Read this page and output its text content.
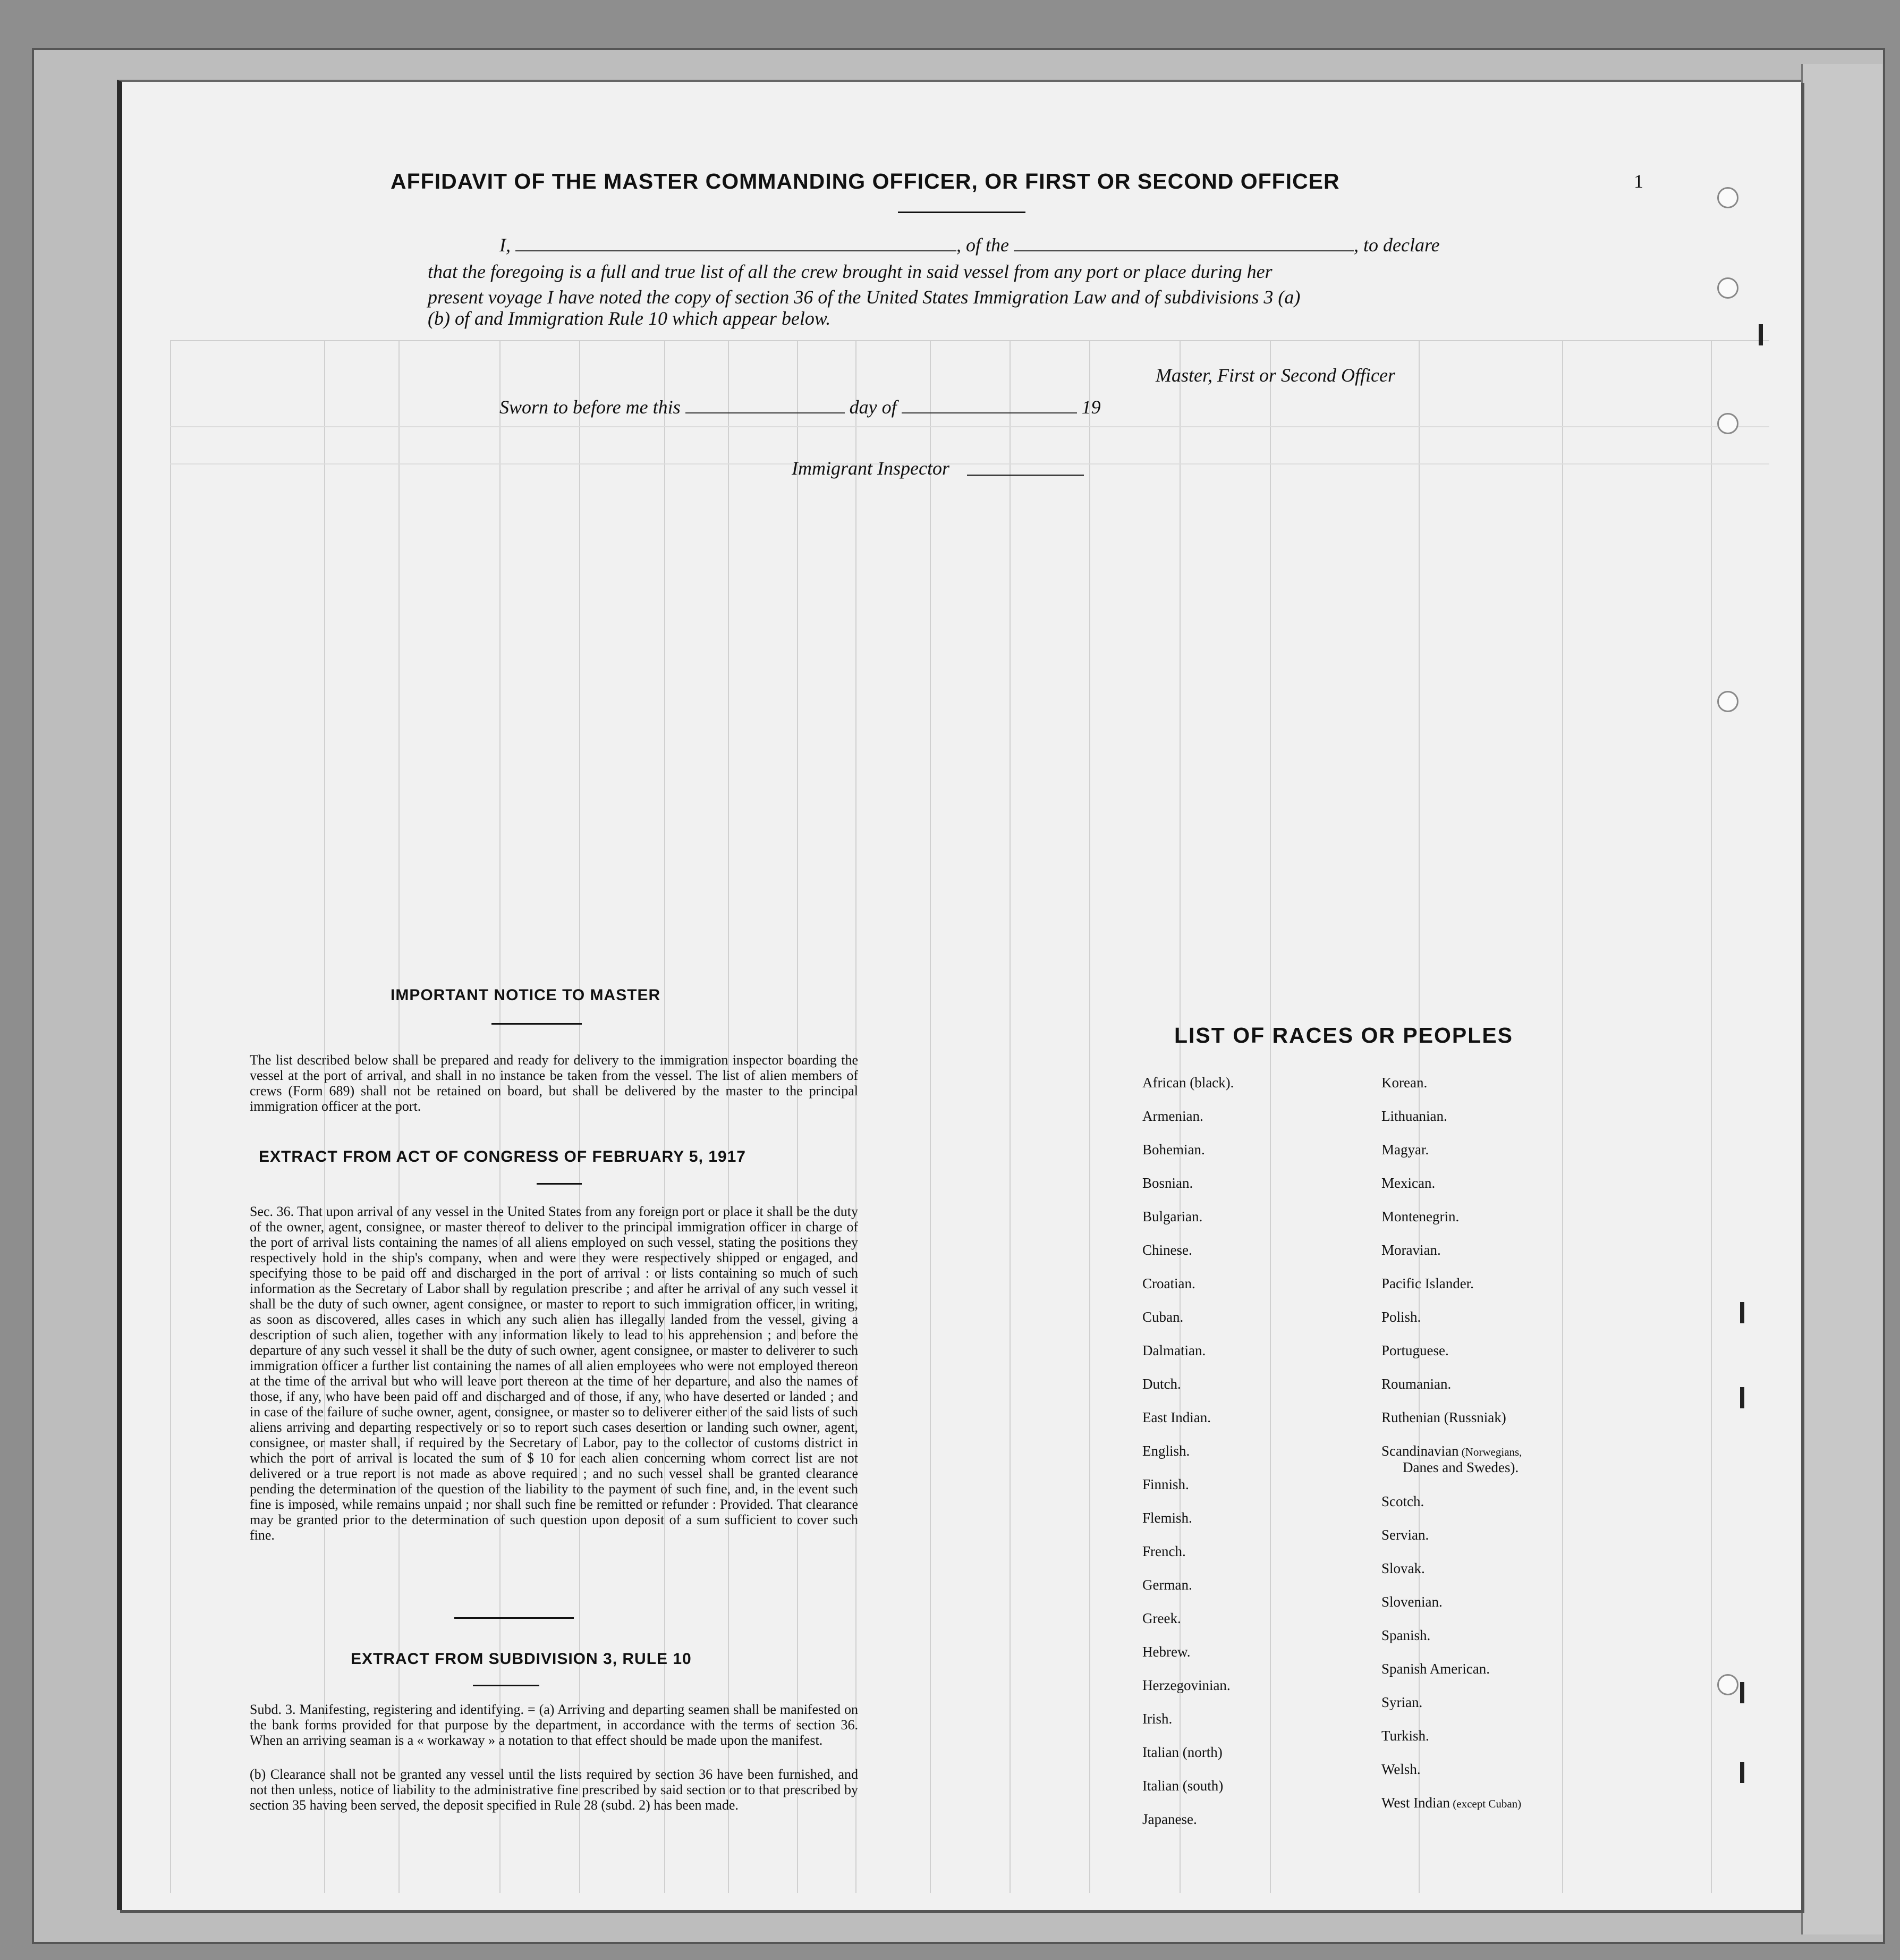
AFFIDAVIT OF THE MASTER COMMANDING OFFICER, OR FIRST OR SECOND OFFICER
I,	, of the	, to declare
that the foregoing is a full and true list of all the crew brought in said vessel from any port or place during her
present voyage I have noted the copy of section 36 of the United States Immigration Law and of subdivisions 3 (a)
(b) of and Immigration Rule 10 which appear below.
Master, First or Second Officer
Sworn to before me this	day of	19
Immigrant Inspector
IMPORTANT NOTICE TO MASTER
The list described below shall be prepared and ready for delivery to the immigration inspector boarding the vessel at the port of arrival, and shall in no instance be taken from the vessel. The list of alien members of crews (Form 689) shall not be retained on board, but shall be delivered by the master to the principal immigration officer at the port.
EXTRACT FROM ACT OF CONGRESS OF FEBRUARY 5, 1917
Sec. 36. That upon arrival of any vessel in the United States from any foreign port or place it shall be the duty of the owner, agent, consignee, or master thereof to deliver to the principal immigration officer in charge of the port of arrival lists containing the names of all aliens employed on such vessel, stating the positions they respectively hold in the ship's company, when and were they were respectively shipped or engaged, and specifying those to be paid off and discharged in the port of arrival : or lists containing so much of such information as the Secretary of Labor shall by regulation prescribe ; and after he arrival of any such vessel it shall be the duty of such owner, agent consignee, or master to report to such immigration officer, in writing, as soon as discovered, alles cases in which any such alien has illegally landed from the vessel, giving a description of such alien, together with any information likely to lead to his apprehension ; and before the departure of any such vessel it shall be the duty of such owner, agent consignee, or master to deliverer to such immigration officer a further list containing the names of all alien employees who were not employed thereon at the time of the arrival but who will leave port thereon at the time of her departure, and also the names of those, if any, who have been paid off and discharged and of those, if any, who have deserted or landed ; and in case of the failure of suche owner, agent, consignee, or master so to deliverer either of the said lists of such aliens arriving and departing respectively or so to report such cases desertion or landing such owner, agent, consignee, or master shall, if required by the Secretary of Labor, pay to the collector of customs district in which the port of arrival is located the sum of $ 10 for each alien concerning whom correct list are not delivered or a true report is not made as above required ; and no such vessel shall be granted clearance pending the determination of the question of the liability to the payment of such fine, and, in the event such fine is imposed, while remains unpaid ; nor shall such fine be remitted or refunder : Provided. That clearance may be granted prior to the determination of such question upon deposit of a sum sufficient to cover such fine.
EXTRACT FROM SUBDIVISION 3, RULE 10
Subd. 3. Manifesting, registering and identifying. = (a) Arriving and departing seamen shall be manifested on the bank forms provided for that purpose by the department, in accordance with the terms of section 36. When an arriving seaman is a « workaway » a notation to that effect should be made upon the manifest.
(b) Clearance shall not be granted any vessel until the lists required by section 36 have been furnished, and not then unless, notice of liability to the administrative fine prescribed by said section or to that prescribed by section 35 having been served, the deposit specified in Rule 28 (subd. 2) has been made.
LIST OF RACES OR PEOPLES
African (black).
Armenian.
Bohemian.
Bosnian.
Bulgarian.
Chinese.
Croatian.
Cuban.
Dalmatian.
Dutch.
East Indian.
English.
Finnish.
Flemish.
French.
German.
Greek.
Hebrew.
Herzegovinian.
Irish.
Italian (north)
Italian (south)
Japanese.
Korean.
Lithuanian.
Magyar.
Mexican.
Montenegrin.
Moravian.
Pacific Islander.
Polish.
Portuguese.
Roumanian.
Ruthenian (Russniak)
Scandinavian (Norwegians,
Danes and Swedes).
Scotch.
Servian.
Slovak.
Slovenian.
Spanish.
Spanish American.
Syrian.
Turkish.
Welsh.
West Indian (except Cuban)
1
